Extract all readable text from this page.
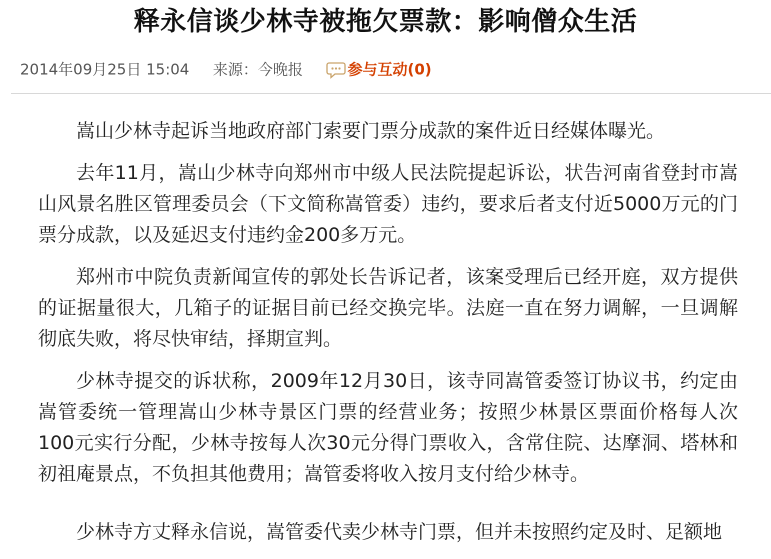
释永信谈少林寺被拖欠票款：影响僧众生活
2014年09月25日 15:04 来源：今晚报	参与互动(0)

嵩山少林寺起诉当地政府部门索要门票分成款的案件近日经媒体曝光。

去年11月，嵩山少林寺向郑州市中级人民法院提起诉讼，状告河南省登封市嵩山风景名胜区管理委员会（下文简称嵩管委）违约，要求后者支付近5000万元的门票分成款，以及延迟支付违约金200多万元。

郑州市中院负责新闻宣传的郭处长告诉记者，该案受理后已经开庭，双方提供的证据量很大，几箱子的证据目前已经交换完毕。法庭一直在努力调解，一旦调解彻底失败，将尽快审结，择期宣判。

少林寺提交的诉状称，2009年12月30日，该寺同嵩管委签订协议书，约定由嵩管委统一管理嵩山少林寺景区门票的经营业务；按照少林景区票面价格每人次100元实行分配，少林寺按每人次30元分得门票收入，含常住院、达摩洞、塔林和初祖庵景点，不负担其他费用；嵩管委将收入按月支付给少林寺。

少林寺方丈释永信说，嵩管委代卖少林寺门票，但并未按照约定及时、足额地
